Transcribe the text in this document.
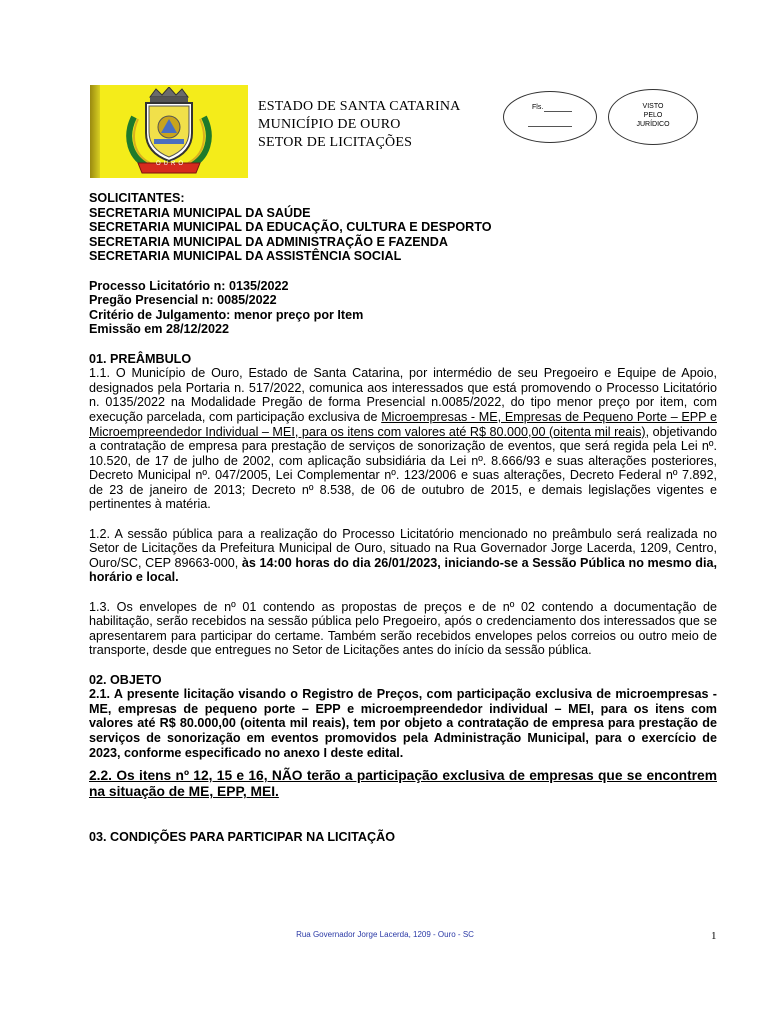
OURO
ESTADO DE SANTA CATARINA
MUNICÍPIO DE OURO
SETOR DE LICITAÇÕES
Fls.	VISTO
PELO
JURÍDICO
SOLICITANTES:
SECRETARIA MUNICIPAL DA SAÚDE
SECRETARIA MUNICIPAL DA EDUCAÇÃO, CULTURA E DESPORTO
SECRETARIA MUNICIPAL DA ADMINISTRAÇÃO E FAZENDA
SECRETARIA MUNICIPAL DA ASSISTÊNCIA SOCIAL
Processo Licitatório n: 0135/2022
Pregão Presencial n: 0085/2022
Critério de Julgamento: menor preço por Item
Emissão em 28/12/2022
01. PREÂMBULO

1.1. O Município de Ouro, Estado de Santa Catarina, por intermédio de seu Pregoeiro e Equipe de Apoio, designados pela Portaria n. 517/2022, comunica aos interessados que está promovendo o Processo Licitatório n. 0135/2022 na Modalidade Pregão de forma Presencial n.0085/2022, do tipo menor preço por item, com execução parcelada, com participação exclusiva de Microempresas - ME, Empresas de Pequeno Porte – EPP e Microempreendedor Individual – MEI, para os itens com valores até R$ 80.000,00 (oitenta mil reais), objetivando a contratação de empresa para prestação de serviços de sonorização de eventos, que será regida pela Lei nº. 10.520, de 17 de julho de 2002, com aplicação subsidiária da Lei nº. 8.666/93 e suas alterações posteriores, Decreto Municipal nº. 047/2005, Lei Complementar nº. 123/2006 e suas alterações, Decreto Federal nº 7.892, de 23 de janeiro de 2013; Decreto nº 8.538, de 06 de outubro de 2015, e demais legislações vigentes e pertinentes à matéria.

1.2. A sessão pública para a realização do Processo Licitatório mencionado no preâmbulo será realizada no Setor de Licitações da Prefeitura Municipal de Ouro, situado na Rua Governador Jorge Lacerda, 1209, Centro, Ouro/SC, CEP 89663-000, às 14:00 horas do dia 26/01/2023, iniciando-se a Sessão Pública no mesmo dia, horário e local.

1.3. Os envelopes de nº 01 contendo as propostas de preços e de nº 02 contendo a documentação de habilitação, serão recebidos na sessão pública pelo Pregoeiro, após o credenciamento dos interessados que se apresentarem para participar do certame. Também serão recebidos envelopes pelos correios ou outro meio de transporte, desde que entregues no Setor de Licitações antes do início da sessão pública.

02. OBJETO

2.1. A presente licitação visando o Registro de Preços, com participação exclusiva de microempresas - ME, empresas de pequeno porte – EPP e microempreendedor individual – MEI, para os itens com valores até R$ 80.000,00 (oitenta mil reais), tem por objeto a contratação de empresa para prestação de serviços de sonorização em eventos promovidos pela Administração Municipal, para o exercício de 2023, conforme especificado no anexo I deste edital.

2.2. Os itens nº 12, 15 e 16, NÃO terão a participação exclusiva de empresas que se encontrem na situação de ME, EPP, MEI.

03. CONDIÇÕES PARA PARTICIPAR NA LICITAÇÃO
Rua Governador Jorge Lacerda, 1209 - Ouro - SC	1
